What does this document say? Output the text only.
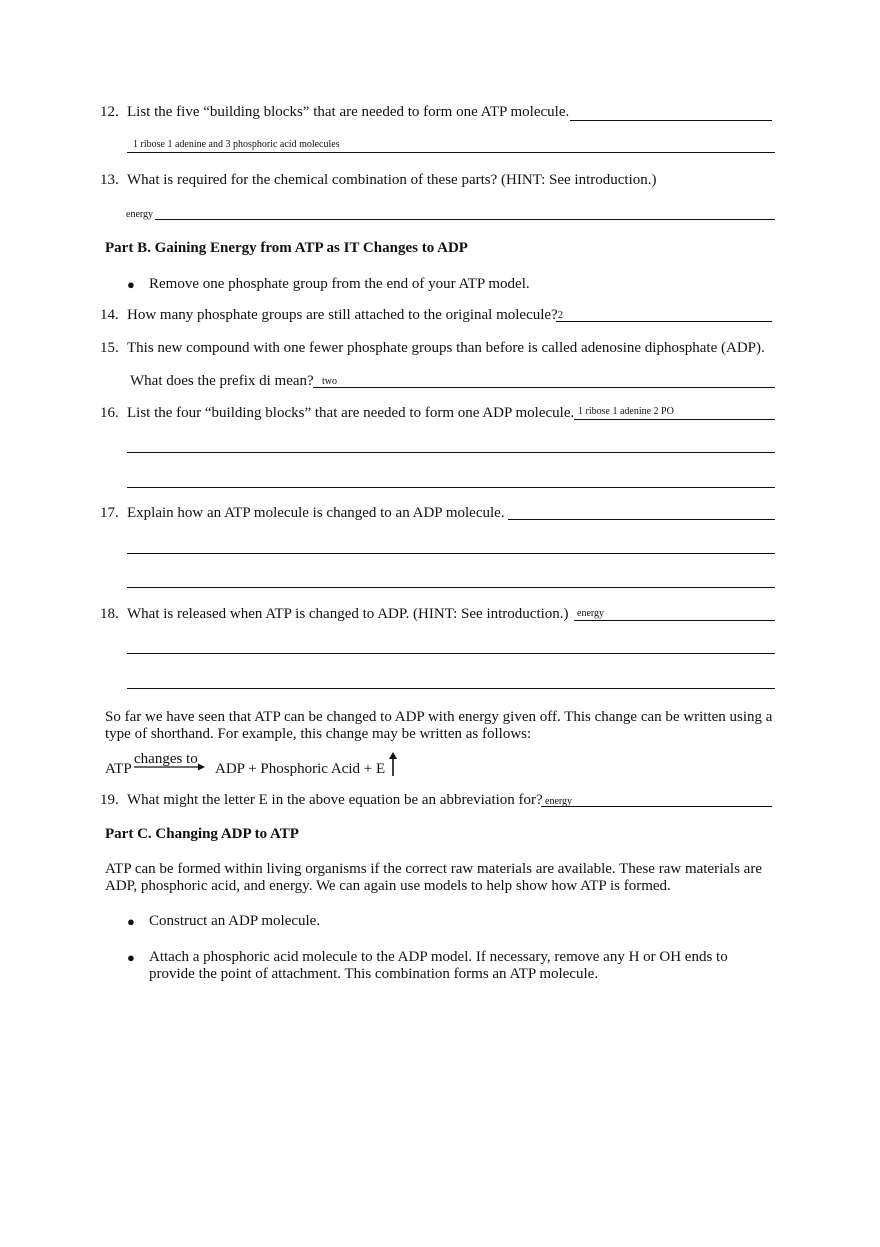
12. List the five “building blocks” that are needed to form one ATP molecule.
1 ribose 1 adenine and 3 phosphoric acid molecules
13. What is required for the chemical combination of these parts? (HINT: See introduction.)
energy
Part B. Gaining Energy from ATP as IT Changes to ADP
● Remove one phosphate group from the end of your ATP model.
14. How many phosphate groups are still attached to the original molecule? 2
15. This new compound with one fewer phosphate groups than before is called adenosine diphosphate (ADP).
What does the prefix di mean? two
16. List the four “building blocks” that are needed to form one ADP molecule. 1 ribose 1 adenine 2 PO
17. Explain how an ATP molecule is changed to an ADP molecule.
18. What is released when ATP is changed to ADP. (HINT: See introduction.) energy
So far we have seen that ATP can be changed to ADP with energy given off. This change can be written using a type of shorthand. For example, this change may be written as follows:
ATP
changes to
ADP + Phosphoric Acid + E
19. What might the letter E in the above equation be an abbreviation for? energy
Part C. Changing ADP to ATP
ATP can be formed within living organisms if the correct raw materials are available. These raw materials are ADP, phosphoric acid, and energy. We can again use models to help show how ATP is formed.
● Construct an ADP molecule.
● Attach a phosphoric acid molecule to the ADP model. If necessary, remove any H or OH ends to provide the point of attachment. This combination forms an ATP molecule.
